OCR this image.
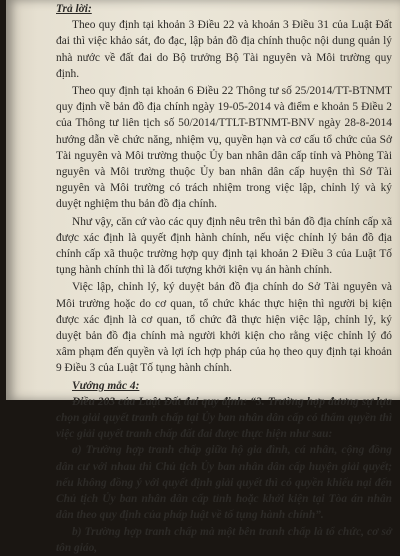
Trả lời:

Theo quy định tại khoản 3 Điều 22 và khoản 3 Điều 31 của Luật Đất đai thì việc khảo sát, đo đạc, lập bản đồ địa chính thuộc nội dung quản lý nhà nước về đất đai do Bộ trưởng Bộ Tài nguyên và Môi trường quy định.

Theo quy định tại khoản 6 Điều 22 Thông tư số 25/2014/TT-BTNMT quy định về bản đồ địa chính ngày 19-05-2014 và điểm e khoản 5 Điều 2 của Thông tư liên tịch số 50/2014/TTLT-BTNMT-BNV ngày 28-8-2014 hướng dẫn về chức năng, nhiệm vụ, quyền hạn và cơ cấu tổ chức của Sở Tài nguyên và Môi trường thuộc Ủy ban nhân dân cấp tỉnh và Phòng Tài nguyên và Môi trường thuộc Ủy ban nhân dân cấp huyện thì Sở Tài nguyên và Môi trường có trách nhiệm trong việc lập, chỉnh lý và ký duyệt nghiệm thu bản đồ địa chính.

Như vậy, căn cứ vào các quy định nêu trên thì bản đồ địa chính cấp xã được xác định là quyết định hành chính, nếu việc chỉnh lý bản đồ địa chính cấp xã thuộc trường hợp quy định tại khoản 2 Điều 3 của Luật Tố tụng hành chính thì là đối tượng khởi kiện vụ án hành chính.

Việc lập, chỉnh lý, ký duyệt bản đồ địa chính do Sở Tài nguyên và Môi trường hoặc do cơ quan, tổ chức khác thực hiện thì người bị kiện được xác định là cơ quan, tổ chức đã thực hiện việc lập, chỉnh lý, ký duyệt bản đồ địa chính mà người khởi kiện cho rằng việc chỉnh lý đó xâm phạm đến quyền và lợi ích hợp pháp của họ theo quy định tại khoản 9 Điều 3 của Luật Tố tụng hành chính.

Vướng mắc 4:

Điều 203 của Luật Đất đai quy định: “3. Trường hợp đương sự lựa chọn giải quyết tranh chấp tại Ủy ban nhân dân cấp có thẩm quyền thì việc giải quyết tranh chấp đất đai được thực hiện như sau:

a) Trường hợp tranh chấp giữa hộ gia đình, cá nhân, cộng đồng dân cư với nhau thì Chủ tịch Ủy ban nhân dân cấp huyện giải quyết; nếu không đồng ý với quyết định giải quyết thì có quyền khiếu nại đến Chủ tịch Ủy ban nhân dân cấp tỉnh hoặc khởi kiện tại Tòa án nhân dân theo quy định của pháp luật về tố tụng hành chính”.

b) Trường hợp tranh chấp mà một bên tranh chấp là tổ chức, cơ sở tôn giáo,
